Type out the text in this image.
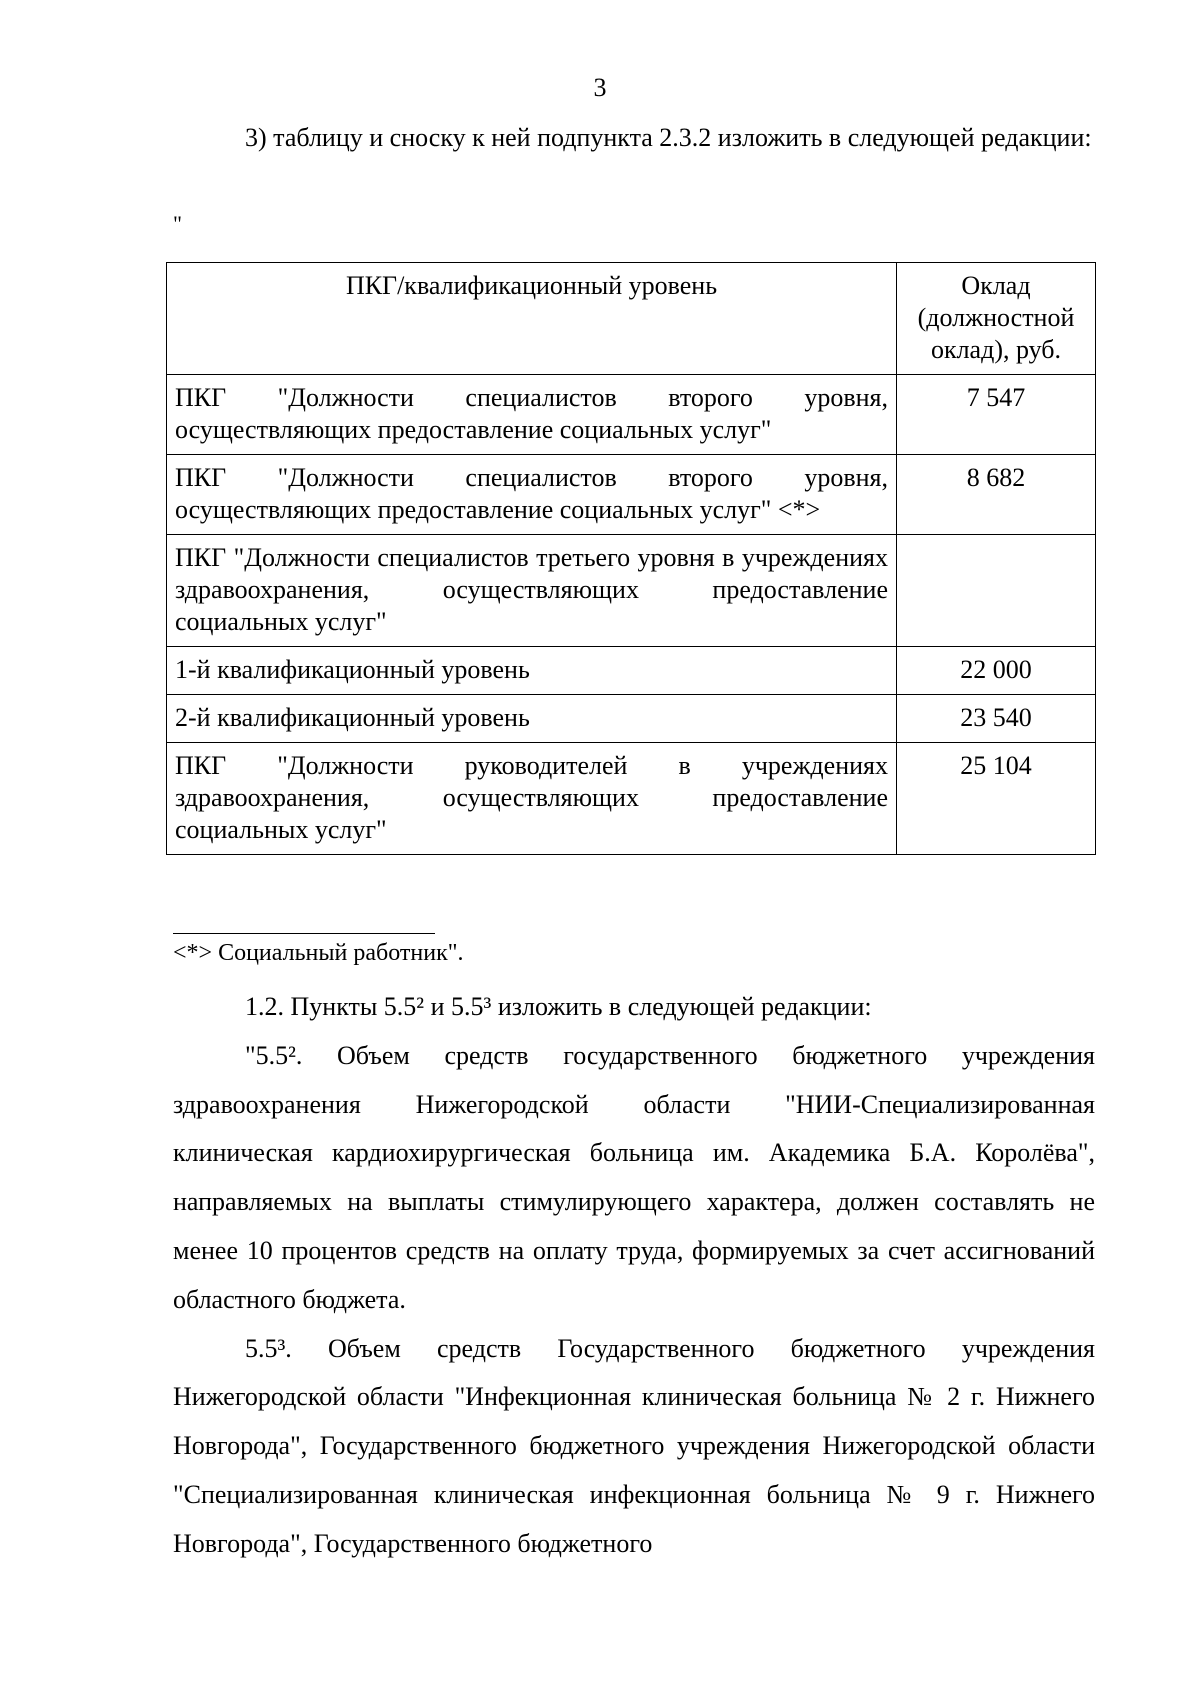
3
3) таблицу и сноску к ней подпункта 2.3.2 изложить в следующей редакции:
"
ПКГ/квалификационный уровень	Оклад (должностной оклад), руб.
ПКГ "Должности специалистов второго уровня, осуществляющих предоставление социальных услуг"	7 547
ПКГ "Должности специалистов второго уровня, осуществляющих предоставление социальных услуг" <*>	8 682
ПКГ "Должности специалистов третьего уровня в учреждениях здравоохранения, осуществляющих предоставление социальных услуг"	
1-й квалификационный уровень	22 000
2-й квалификационный уровень	23 540
ПКГ "Должности руководителей в учреждениях здравоохранения, осуществляющих предоставление социальных услуг"	25 104
<*> Социальный работник".

1.2. Пункты 5.5² и 5.5³ изложить в следующей редакции:

"5.5². Объем средств государственного бюджетного учреждения здравоохранения Нижегородской области "НИИ-Специализированная клиническая кардиохирургическая больница им. Академика Б.А. Королёва", направляемых на выплаты стимулирующего характера, должен составлять не менее 10 процентов средств на оплату труда, формируемых за счет ассигнований областного бюджета.

5.5³. Объем средств Государственного бюджетного учреждения Нижегородской области "Инфекционная клиническая больница № 2 г. Нижнего Новгорода", Государственного бюджетного учреждения Нижегородской области "Специализированная клиническая инфекционная больница № 9 г. Нижнего Новгорода", Государственного бюджетного
